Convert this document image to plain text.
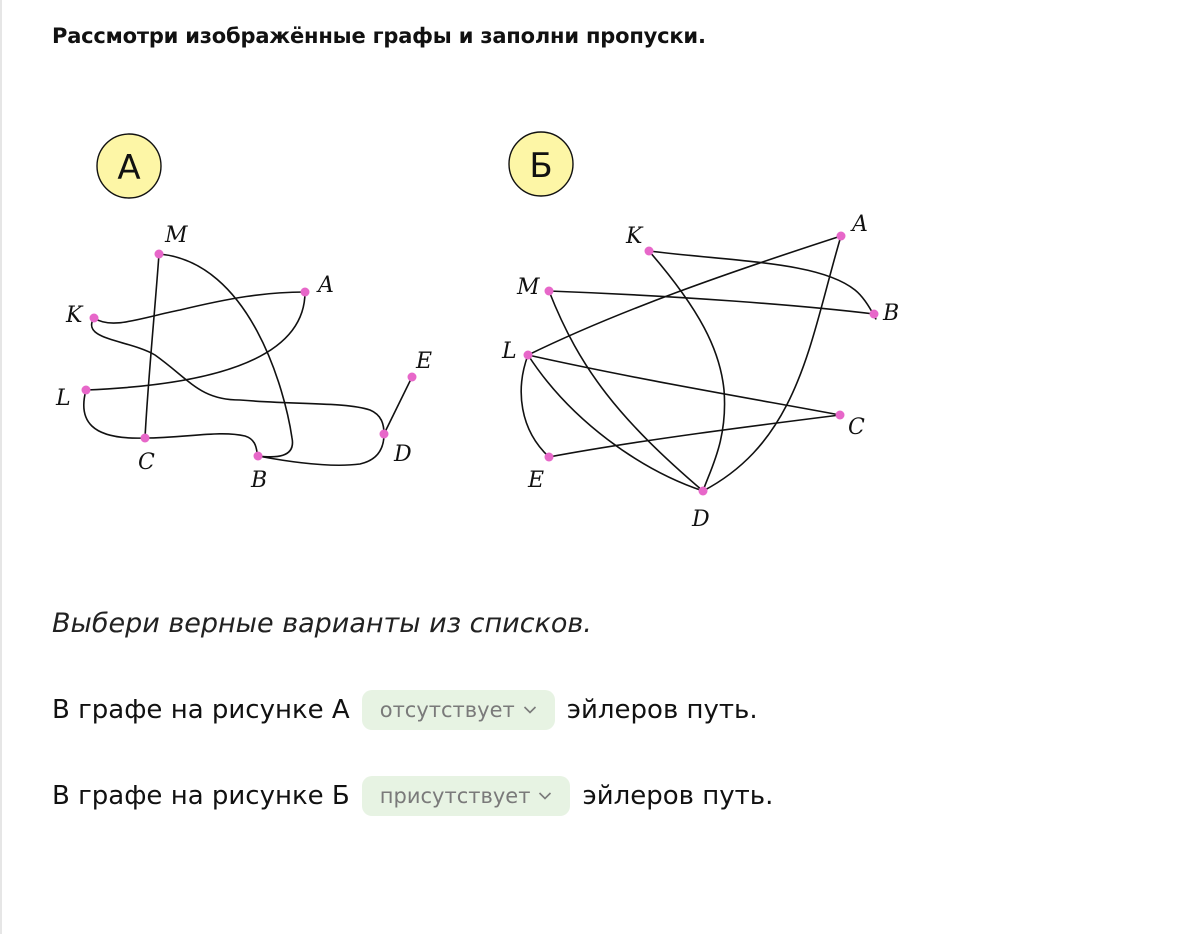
Рассмотри изображённые графы и заполни пропуски.
А
M
A
K
L
E
C
B
D
Б
K	A
M
B
L
C
E
D
Выбери верные варианты из списков.
В графе на рисунке А отсутствует эйлеров путь.
В графе на рисунке Б присутствует эйлеров путь.
